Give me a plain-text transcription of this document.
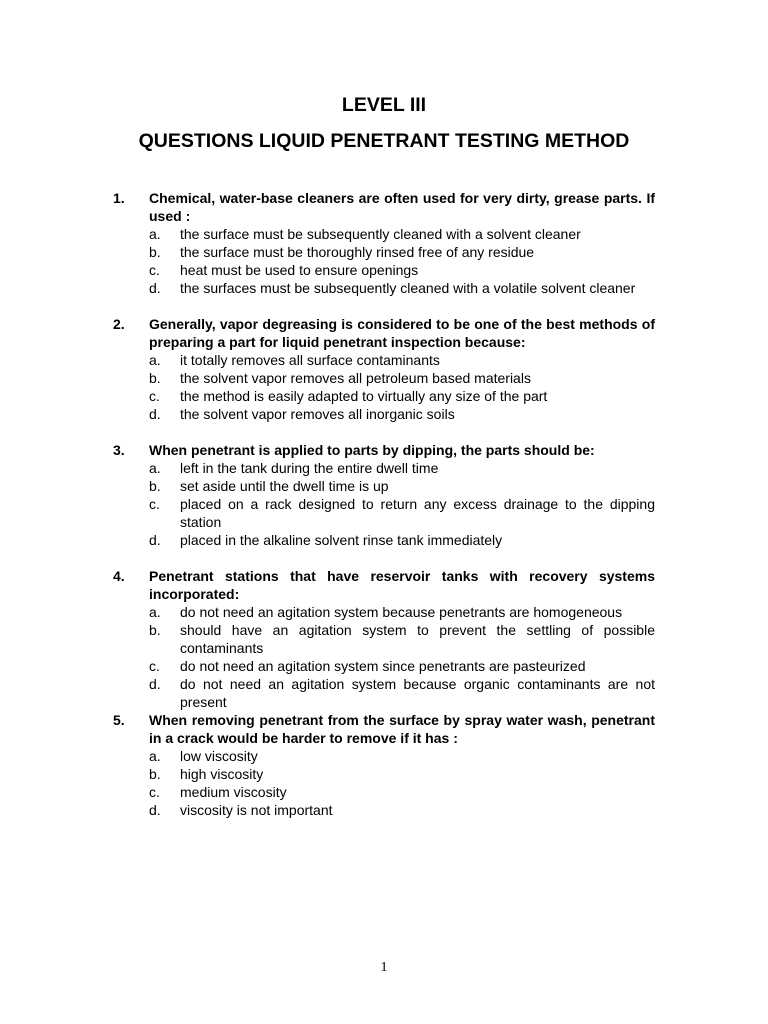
LEVEL III
QUESTIONS LIQUID PENETRANT TESTING METHOD
1.	Chemical, water-base cleaners are often used for very dirty, grease parts. If used :
a.	the surface must be subsequently cleaned with a solvent cleaner
b.	the surface must be thoroughly rinsed free of any residue
c.	heat must be used to ensure openings
d.	the surfaces must be subsequently cleaned with a volatile solvent cleaner
2.	Generally, vapor degreasing is considered to be one of the best methods of preparing a part for liquid penetrant inspection because:
a.	it totally removes all surface contaminants
b.	the solvent vapor removes all petroleum based materials
c.	the method is easily adapted to virtually any size of the part
d.	the solvent vapor removes all inorganic soils
3.	When penetrant is applied to parts by dipping, the parts should be:
a.	left in the tank during the entire dwell time
b.	set aside until the dwell time is up
c.	placed on a rack designed to return any excess drainage to the dipping station
d.	placed in the alkaline solvent rinse tank immediately
4.	Penetrant stations that have reservoir tanks with recovery systems incorporated:
a.	do not need an agitation system because penetrants are homogeneous
b.	should have an agitation system to prevent the settling of possible contaminants
c.	do not need an agitation system since penetrants are pasteurized
d.	do not need an agitation system because organic contaminants are not present
5.	When removing penetrant from the surface by spray water wash, penetrant in a crack would be harder to remove if it has :
a.	low viscosity
b.	high viscosity
c.	medium viscosity
d.	viscosity is not important
1
